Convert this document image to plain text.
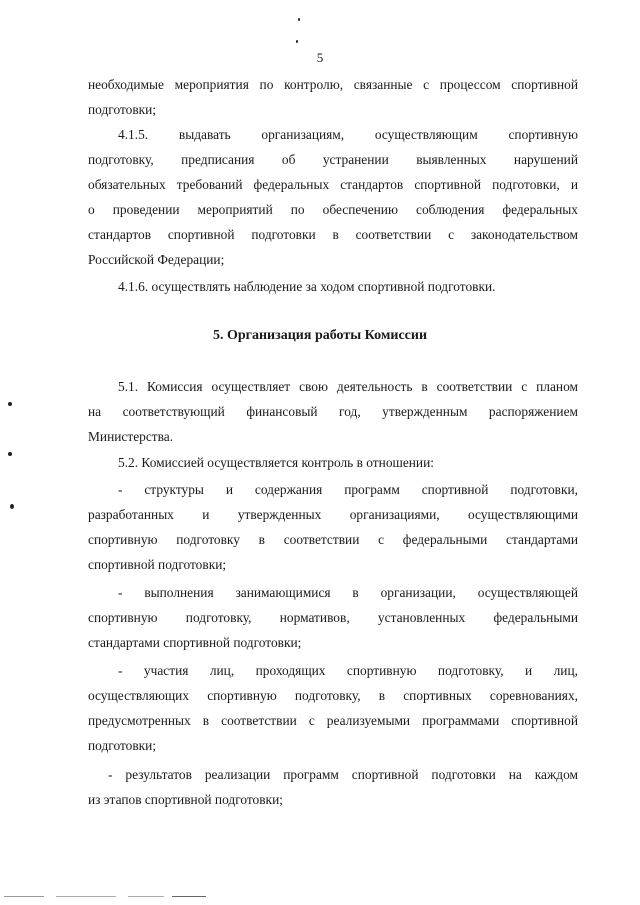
5
необходимые мероприятия по контролю, связанные с процессом спортивной
подготовки;
4.1.5. выдавать организациям, осуществляющим спортивную
подготовку, предписания об устранении выявленных нарушений
обязательных требований федеральных стандартов спортивной подготовки, и
о проведении мероприятий по обеспечению соблюдения федеральных
стандартов спортивной подготовки в соответствии с законодательством
Российской Федерации;
4.1.6. осуществлять наблюдение за ходом спортивной подготовки.
5. Организация работы Комиссии
5.1. Комиссия осуществляет свою деятельность в соответствии с планом
на соответствующий финансовый год, утвержденным распоряжением
Министерства.
5.2. Комиссией осуществляется контроль в отношении:
- структуры и содержания программ спортивной подготовки,
разработанных и утвержденных организациями, осуществляющими
спортивную подготовку в соответствии с федеральными стандартами
спортивной подготовки;
- выполнения занимающимися в организации, осуществляющей
спортивную подготовку, нормативов, установленных федеральными
стандартами спортивной подготовки;
- участия лиц, проходящих спортивную подготовку, и лиц,
осуществляющих спортивную подготовку, в спортивных соревнованиях,
предусмотренных в соответствии с реализуемыми программами спортивной
подготовки;
- результатов реализации программ спортивной подготовки на каждом
из этапов спортивной подготовки;
